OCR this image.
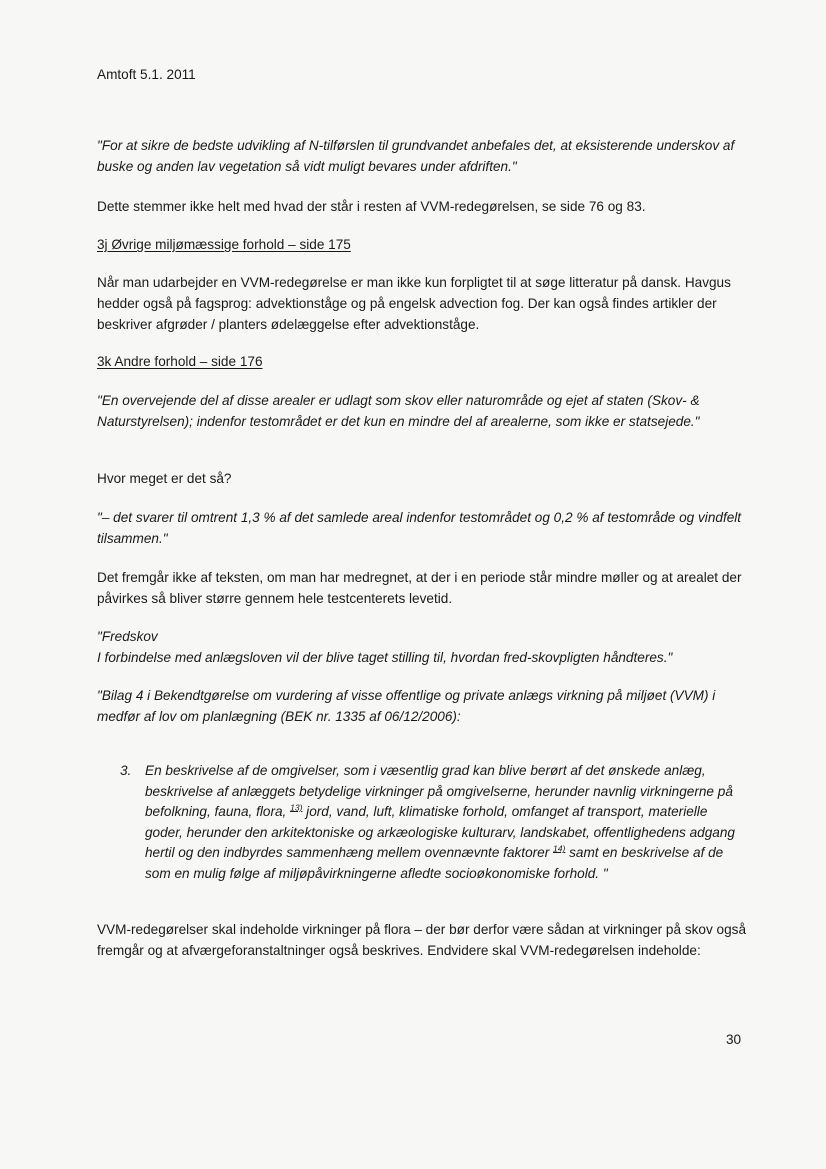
Amtoft 5.1. 2011

"For at sikre de bedste udvikling af N-tilførslen til grundvandet anbefales det, at eksisterende underskov af buske og anden lav vegetation så vidt muligt bevares under afdriften."

Dette stemmer ikke helt med hvad der står i resten af VVM-redegørelsen, se side 76 og 83.

3j Øvrige miljømæssige forhold – side 175

Når man udarbejder en VVM-redegørelse er man ikke kun forpligtet til at søge litteratur på dansk. Havgus hedder også på fagsprog: advektionståge og på engelsk advection fog. Der kan også findes artikler der beskriver afgrøder / planters ødelæggelse efter advektionståge.

3k Andre forhold – side 176

"En overvejende del af disse arealer er udlagt som skov eller naturområde og ejet af staten (Skov- & Naturstyrelsen); indenfor testområdet er det kun en mindre del af arealerne, som ikke er statsejede."

Hvor meget er det så?

"– det svarer til omtrent 1,3 % af det samlede areal indenfor testområdet og 0,2 % af testområde og vindfelt tilsammen."

Det fremgår ikke af teksten, om man har medregnet, at der i en periode står mindre møller og at arealet der påvirkes så bliver større gennem hele testcenterets levetid.

"Fredskov
I forbindelse med anlægsloven vil der blive taget stilling til, hvordan fred-skovpligten håndteres."

"Bilag 4 i Bekendtgørelse om vurdering af visse offentlige og private anlægs virkning på miljøet (VVM) i medfør af lov om planlægning (BEK nr. 1335 af 06/12/2006):

3.	En beskrivelse af de omgivelser, som i væsentlig grad kan blive berørt af det ønskede anlæg, beskrivelse af anlæggets betydelige virkninger på omgivelserne, herunder navnlig virkningerne på befolkning, fauna, flora, $^{13)}$ jord, vand, luft, klimatiske forhold, omfanget af transport, materielle goder, herunder den arkitektoniske og arkæologiske kulturarv, landskabet, offentlighedens adgang hertil og den indbyrdes sammenhæng mellem ovennævnte faktorer $^{14)}$ samt en beskrivelse af de som en mulig følge af miljøpåvirkningerne afledte socioøkonomiske forhold. "

VVM-redegørelser skal indeholde virkninger på flora – der bør derfor være sådan at virkninger på skov også fremgår og at afværgeforanstaltninger også beskrives. Endvidere skal VVM-redegørelsen indeholde:

30
